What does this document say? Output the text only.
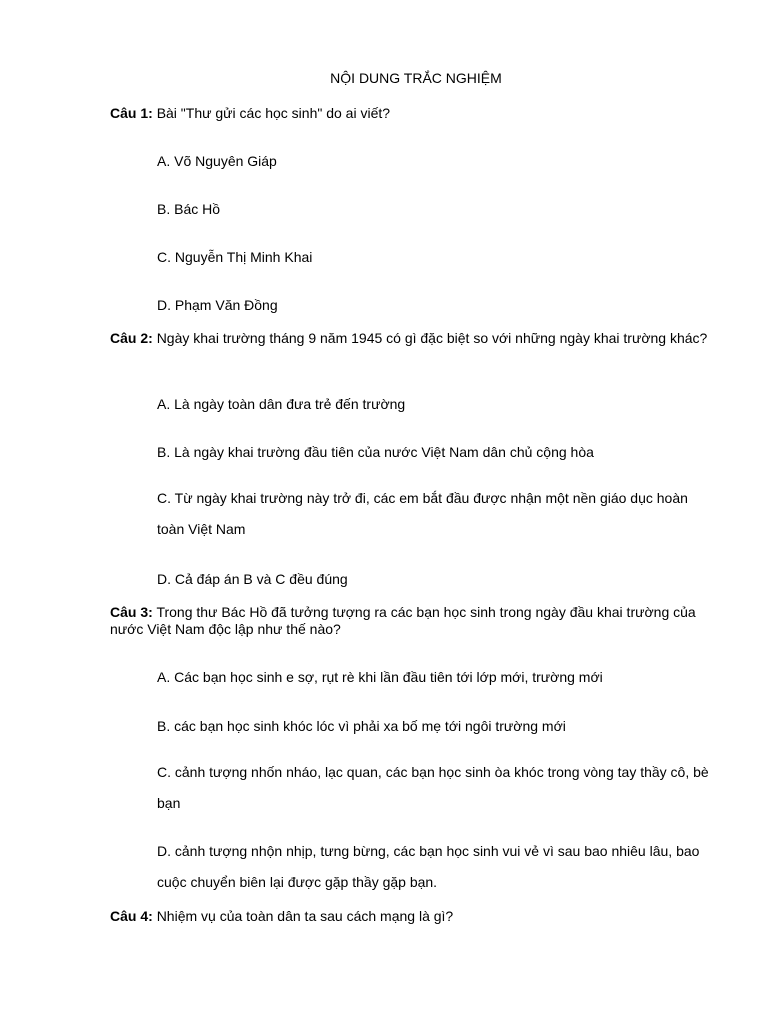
NỘI DUNG TRẮC NGHIỆM
Câu 1: Bài "Thư gửi các học sinh" do ai viết?
A. Võ Nguyên Giáp
B. Bác Hồ
C. Nguyễn Thị Minh Khai
D. Phạm Văn Đồng
Câu 2: Ngày khai trường tháng 9 năm 1945 có gì đặc biệt so với những ngày khai trường khác?
A. Là ngày toàn dân đưa trẻ đến trường
B. Là ngày khai trường đầu tiên của nước Việt Nam dân chủ cộng hòa
C. Từ ngày khai trường này trở đi, các em bắt đầu được nhận một nền giáo dục hoàn toàn Việt Nam
D. Cả đáp án B và C đều đúng
Câu 3: Trong thư Bác Hồ đã tưởng tượng ra các bạn học sinh trong ngày đầu khai trường của nước Việt Nam độc lập như thế nào?
A. Các bạn học sinh e sợ, rụt rè khi lần đầu tiên tới lớp mới, trường mới
B. các bạn học sinh khóc lóc vì phải xa bố mẹ tới ngôi trường mới
C. cảnh tượng nhốn nháo, lạc quan, các bạn học sinh òa khóc trong vòng tay thầy cô, bè bạn
D. cảnh tượng nhộn nhịp, tưng bừng, các bạn học sinh vui vẻ vì sau bao nhiêu lâu, bao cuộc chuyển biên lại được gặp thầy gặp bạn.
Câu 4: Nhiệm vụ của toàn dân ta sau cách mạng là gì?
